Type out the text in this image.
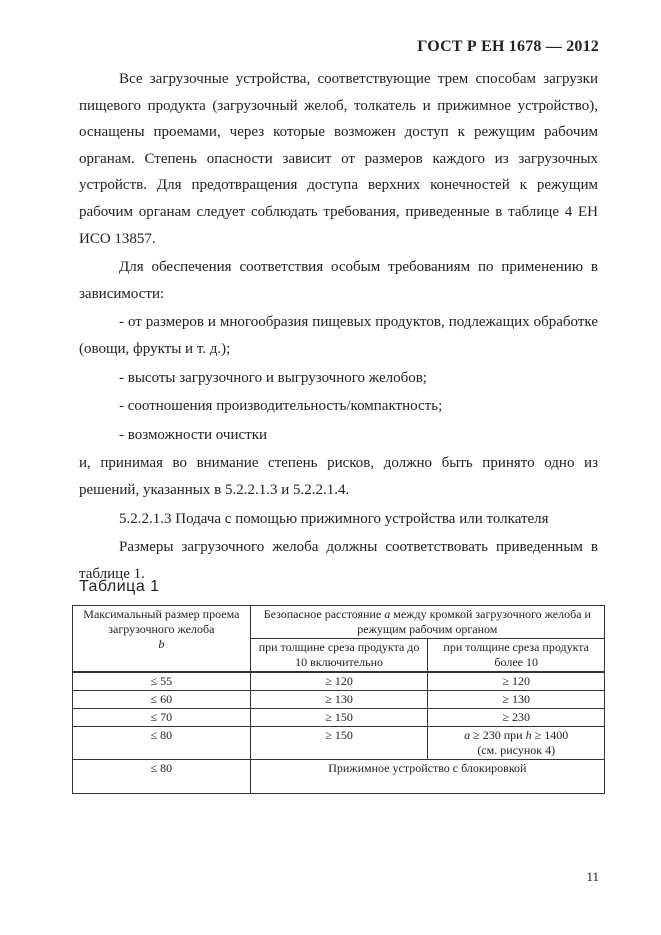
ГОСТ Р ЕН 1678 — 2012

Все загрузочные устройства, соответствующие трем способам загрузки пищевого продукта (загрузочный желоб, толкатель и прижимное устройство), оснащены проемами, через которые возможен доступ к режущим рабочим органам. Степень опасности зависит от размеров каждого из загрузочных устройств. Для предотвращения доступа верхних конечностей к режущим рабочим органам следует соблюдать требования, приведенные в таблице 4 ЕН ИСО 13857.

Для обеспечения соответствия особым требованиям по применению в зависимости:

- от размеров и многообразия пищевых продуктов, подлежащих обработке (овощи, фрукты и т. д.);

- высоты загрузочного и выгрузочного желобов;

- соотношения производительность/компактность;

- возможности очистки

и, принимая во внимание степень рисков, должно быть принято одно из решений, указанных в 5.2.2.1.3 и 5.2.2.1.4.

5.2.2.1.3 Подача с помощью прижимного устройства или толкателя

Размеры загрузочного желоба должны соответствовать приведенным в таблице 1.

Таблица 1
Максимальный размер проема загрузочного желоба
b	Безопасное расстояние a между кромкой загрузочного желоба и режущим рабочим органом	
	при толщине среза продукта до 10 включительно	при толщине среза продукта более 10
≤ 55	≥ 120	≥ 120
≤ 60	≥ 130	≥ 130
≤ 70	≥ 150	≥ 230
≤ 80	≥ 150	a ≥ 230 при h ≥ 1400
(см. рисунок 4)
≤ 80	Прижимное устройство с блокировкой	
11
